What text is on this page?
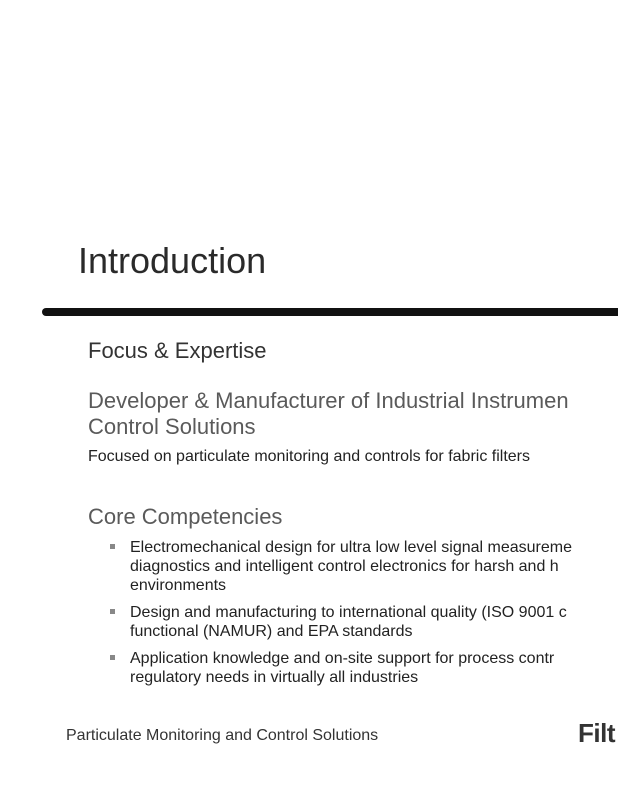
Introduction
Focus & Expertise
Developer & Manufacturer of Industrial Instrumen
Control Solutions
Focused on particulate monitoring and controls for fabric filters
Core Competencies
Electromechanical design for ultra low level signal measureme
diagnostics and intelligent control electronics for harsh and h
environments
Design and manufacturing to international quality (ISO 9001 c
functional (NAMUR) and EPA standards
Application knowledge and on-site support for process contr
regulatory needs in virtually all industries
Particulate Monitoring and Control Solutions	Filt
